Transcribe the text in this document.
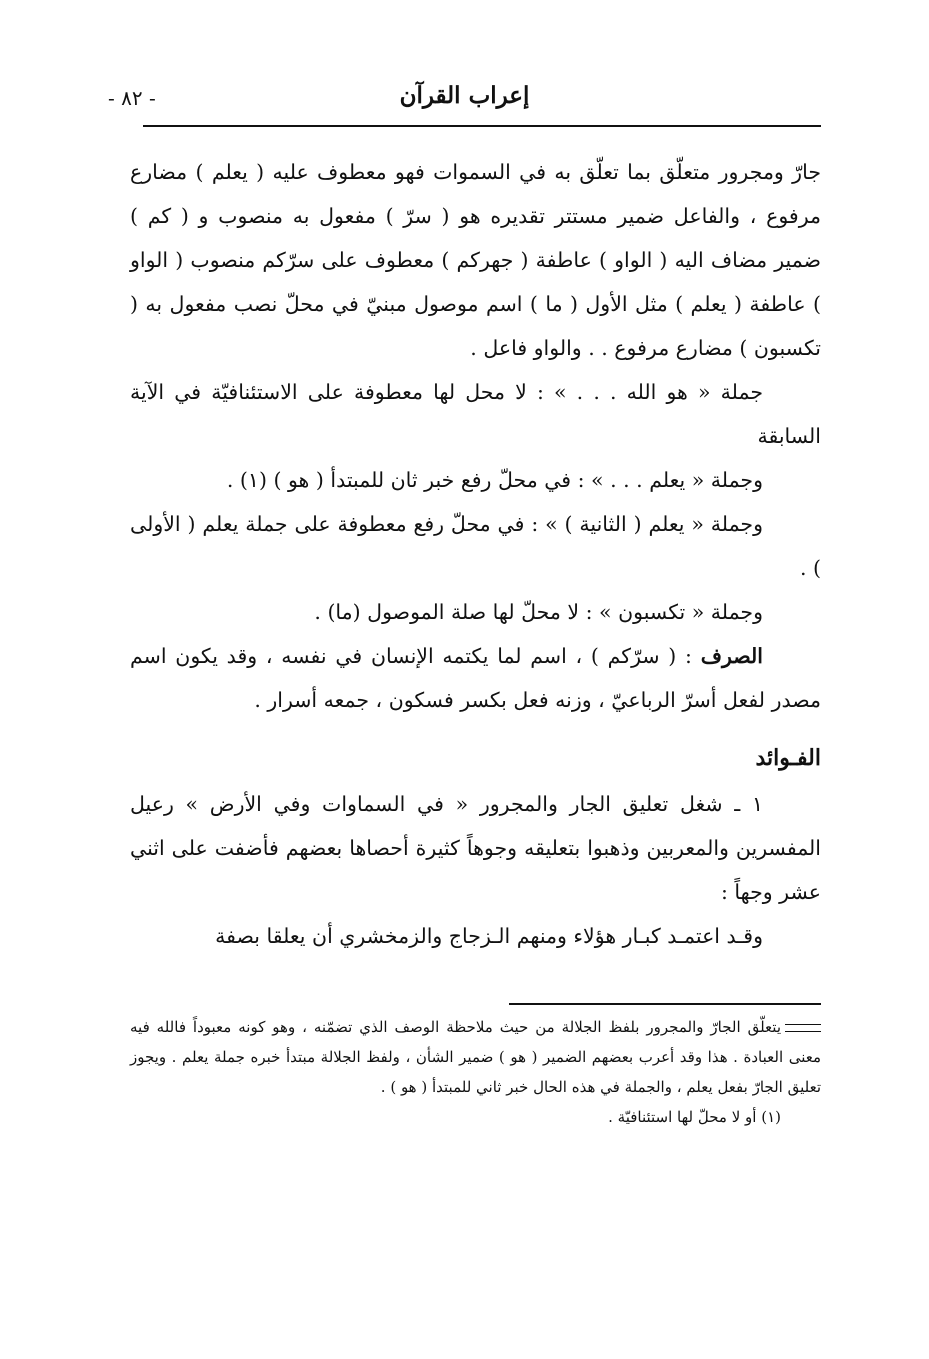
- ٨٢ -	إعراب القرآن

جارّ ومجرور متعلّق بما تعلّق به في السموات فهو معطوف عليه ( يعلم ) مضارع مرفوع ، والفاعل ضمير مستتر تقديره هو ( سرّ ) مفعول به منصوب و ( كم ) ضمير مضاف اليه ( الواو ) عاطفة ( جهركم ) معطوف على سرّكم منصوب ( الواو ) عاطفة ( يعلم ) مثل الأول ( ما ) اسم موصول مبنيّ في محلّ نصب مفعول به ( تكسبون ) مضارع مرفوع . . والواو فاعل .

جملة « هو الله . . . » : لا محل لها معطوفة على الاستئنافيّة في الآية السابقة

وجملة « يعلم . . . » : في محلّ رفع خبر ثان للمبتدأ ( هو ) (١) .

وجملة « يعلم ( الثانية ) » : في محلّ رفع معطوفة على جملة يعلم ( الأولى ) .

وجملة « تكسبون » : لا محلّ لها صلة الموصول (ما) .

الصرف : ( سرّكم ) ، اسم لما يكتمه الإنسان في نفسه ، وقد يكون اسم مصدر لفعل أسرّ الرباعيّ ، وزنه فعل بكسر فسكون ، جمعه أسرار .

الفـوائد

١ ـ شغل تعليق الجار والمجرور « في السماوات وفي الأرض » رعيل المفسرين والمعربين وذهبوا بتعليقه وجوهاً كثيرة أحصاها بعضهم فأضفت على اثني عشر وجهاً :

وقـد اعتمـد كبـار هؤلاء ومنهم الـزجاج والزمخشري أن يعلقا بصفة

يتعلّق الجارّ والمجرور بلفظ الجلالة من حيث ملاحظة الوصف الذي تضمّنه ، وهو كونه معبوداً فالله فيه معنى العبادة . هذا وقد أعرب بعضهم الضمير ( هو ) ضمير الشأن ، ولفظ الجلالة مبتدأ خبره جملة يعلم . ويجوز تعليق الجارّ بفعل يعلم ، والجملة في هذه الحال خبر ثاني للمبتدأ ( هو ) .

(١) أو لا محلّ لها استئنافيّة .
